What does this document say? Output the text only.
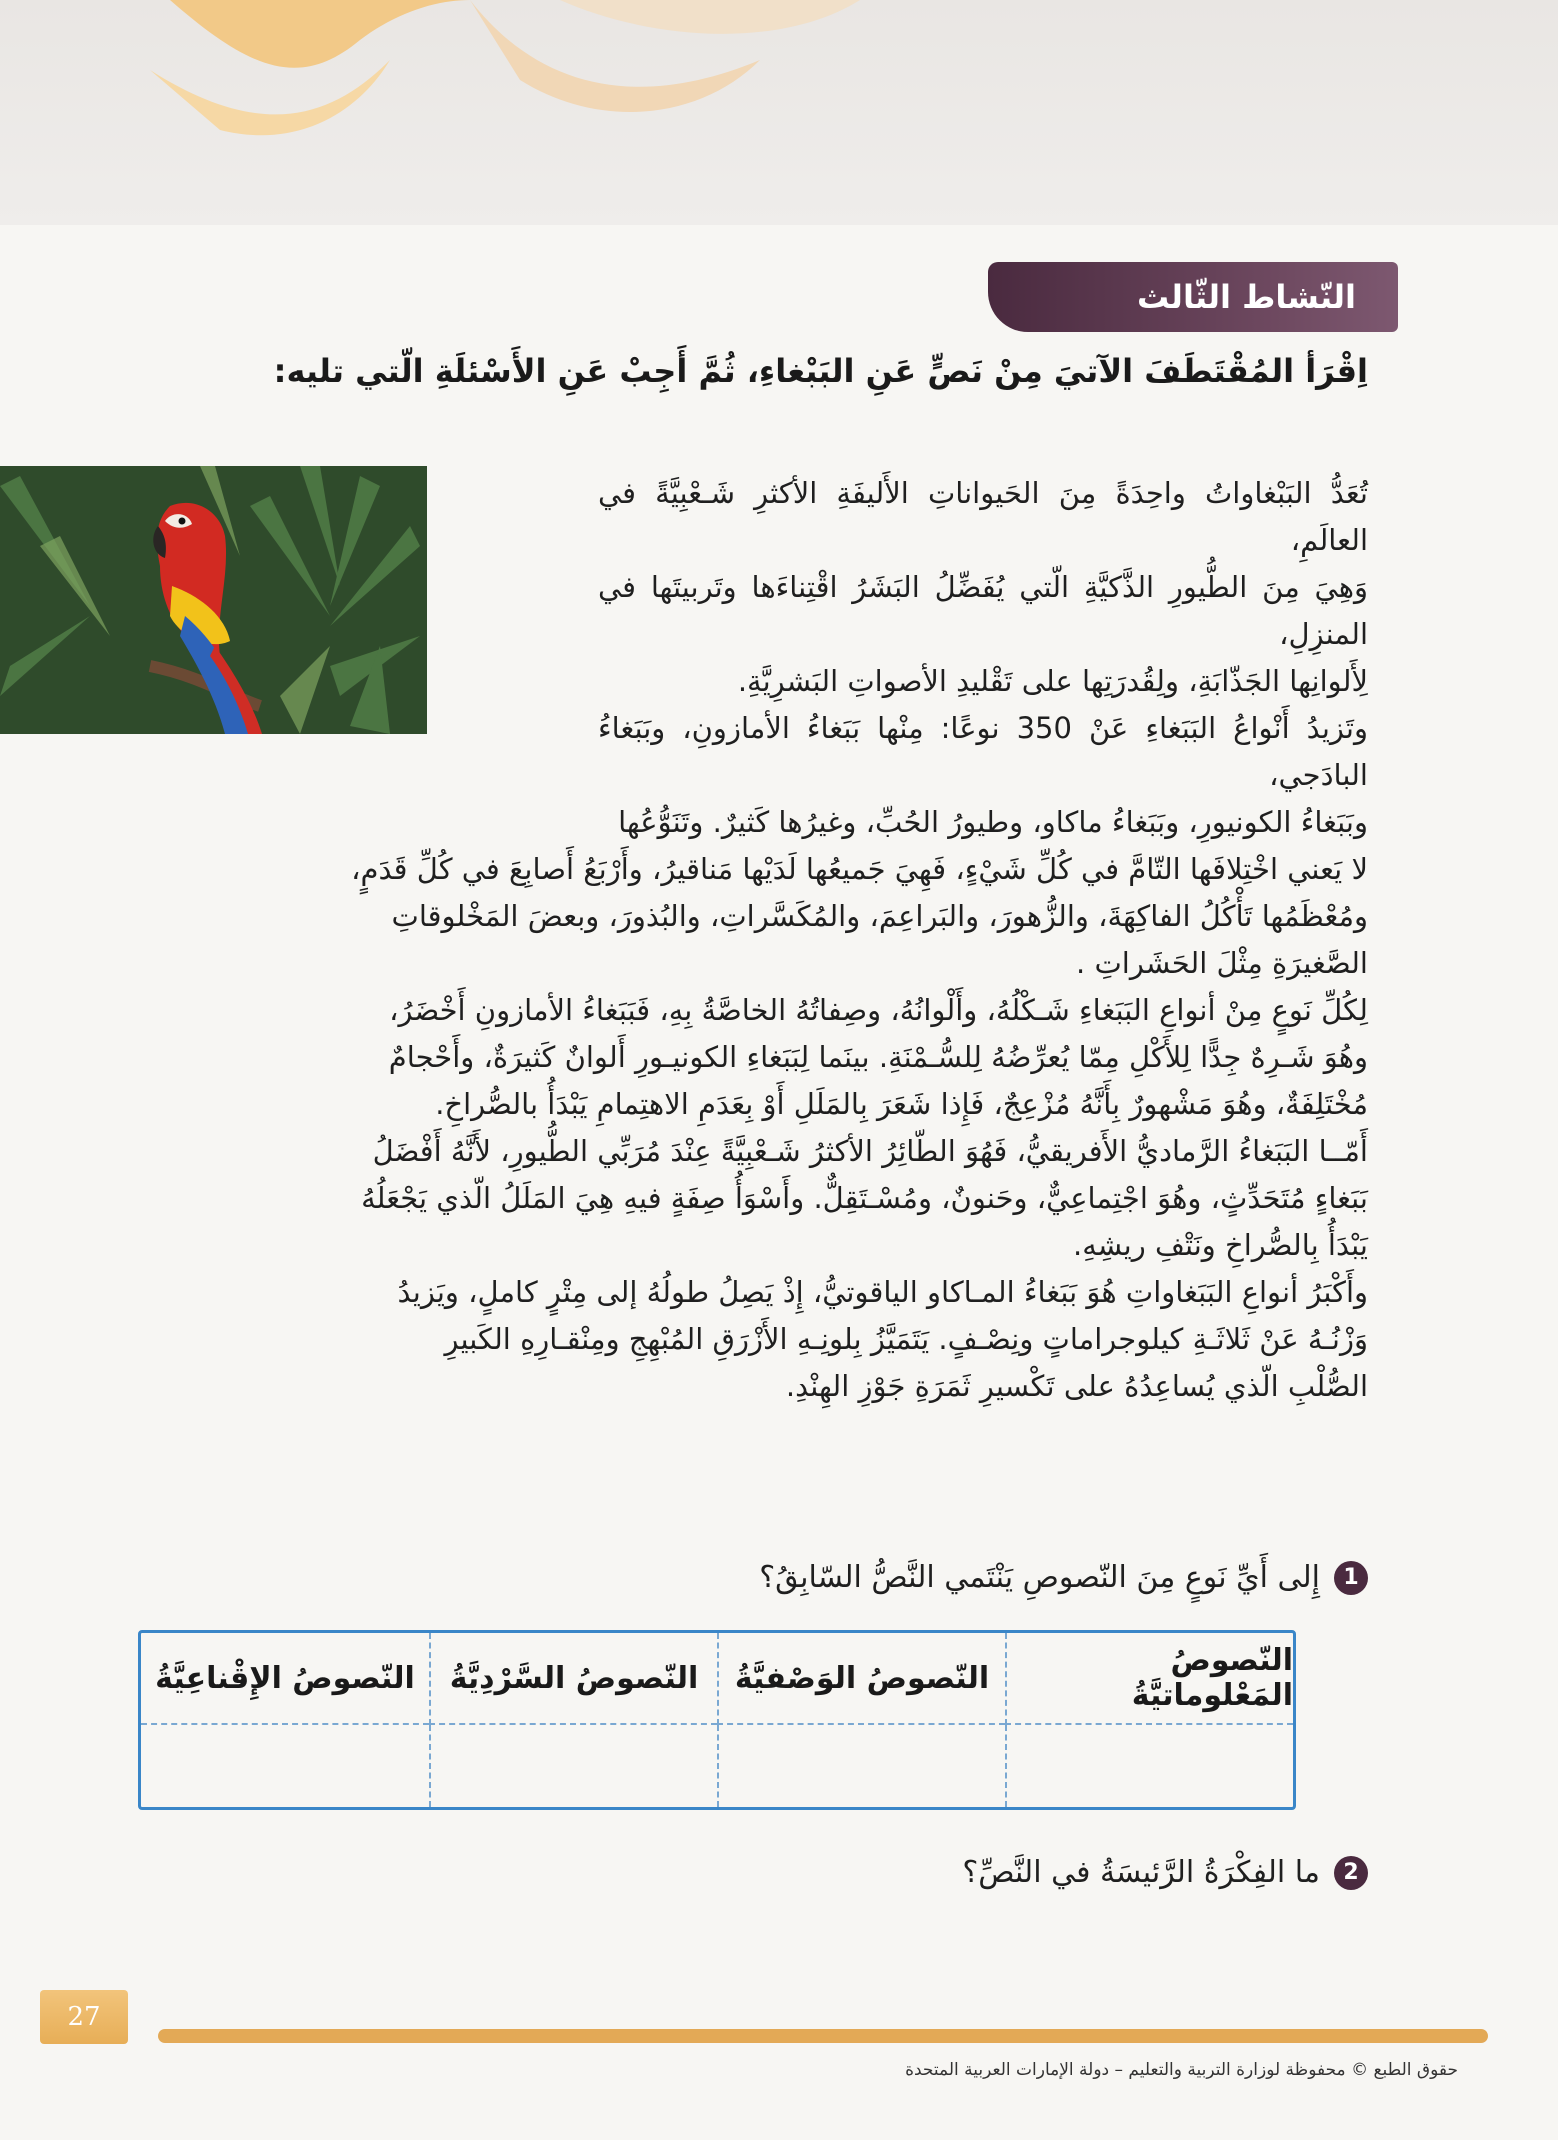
النّشاط الثّالث
اِقْرَأ المُقْتَطَفَ الآتيَ مِنْ نَصٍّ عَنِ البَبْغاءِ، ثُمَّ أَجِبْ عَنِ الأَسْئلَةِ الّتي تليه:

تُعَدُّ البَبْغاواتُ واحِدَةً مِنَ الحَيواناتِ الأَليفَةِ الأكثرِ شَـعْبِيَّةً في العالَمِ،

وَهِيَ مِنَ الطُّيورِ الذَّكيَّةِ الّتي يُفَضِّلُ البَشَرُ اقْتِناءَها وتَربيتَها في المنزِلِ،

لِأَلوانِها الجَذّابَةِ، ولِقُدرَتِها على تَقْليدِ الأصواتِ البَشرِيَّةِ.

وتَزيدُ أَنْواعُ البَبَغاءِ عَنْ 350 نوعًا: مِنْها بَبَغاءُ الأمازونِ، وبَبَغاءُ البادَجي،

وبَبَغاءُ الكونيورِ، وبَبَغاءُ ماكاو، وطيورُ الحُبِّ، وغيرُها كَثيرٌ. وتَنَوُّعُها

لا يَعني اخْتِلافَها التّامَّ في كُلِّ شَيْءٍ، فَهِيَ جَميعُها لَدَيْها مَناقيرُ، وأَرْبَعُ أَصابِعَ في كُلِّ قَدَمٍ،

ومُعْظَمُها تَأْكُلُ الفاكِهَةَ، والزُّهورَ، والبَراعِمَ، والمُكَسَّراتِ، والبُذورَ، وبعضَ المَخْلوقاتِ

الصَّغيرَةِ مِثْلَ الحَشَراتِ .

لِكُلِّ نَوعٍ مِنْ أنواعِ البَبَغاءِ شَـكْلُهُ، وأَلْوانُهُ، وصِفاتُهُ الخاصَّةُ بِهِ، فَبَبَغاءُ الأمازونِ أَخْضَرُ،

وهُوَ شَـرِهٌ جِدًّا لِلأَكْلِ مِمّا يُعرِّضُهُ لِلسُّـمْنَةِ. بينَما لِبَبَغاءِ الكونيـورِ أَلوانٌ كَثيرَةٌ، وأَحْجامٌ

مُخْتَلِفَةٌ، وهُوَ مَشْهورٌ بِأَنَّهُ مُزْعِجٌ، فَإِذا شَعَرَ بِالمَلَلِ أَوْ بِعَدَمِ الاهتِمامِ يَبْدَأُ بالصُّراخِ.

أَمّــا البَبَغاءُ الرَّماديُّ الأَفريقيُّ، فَهُوَ الطّائِرُ الأكثرُ شَـعْبِيَّةً عِنْدَ مُرَبِّي الطُّيورِ، لأَنَّهُ أَفْضَلُ

بَبَغاءٍ مُتَحَدِّثٍ، وهُوَ اجْتِماعِيٌّ، وحَنونٌ، ومُسْـتَقِلٌّ. وأَسْوَأُ صِفَةٍ فيهِ هِيَ المَلَلُ الّذي يَجْعَلُهُ

يَبْدَأُ بِالصُّراخِ ونَتْفِ ريشِهِ.

وأَكْبَرُ أنواعِ البَبَغاواتِ هُوَ بَبَغاءُ المـاكاو الياقوتيُّ، إِذْ يَصِلُ طولُهُ إلى مِتْرٍ كاملٍ، ويَزيدُ

وَزْنُـهُ عَنْ ثَلاثَـةِ كيلوجراماتٍ ونِصْـفٍ. يَتَمَيَّزُ بِلونِـهِ الأَزْرَقِ المُبْهِجِ ومِنْقـارِهِ الكَبيرِ

الصُّلْبِ الّذي يُساعِدُهُ على تَكْسيرِ ثَمَرَةِ جَوْزِ الهِنْدِ.

1
إِلى أَيِّ نَوعٍ مِنَ النّصوصِ يَنْتَمي النَّصُّ السّابِقُ؟
النّصوصُ المَعْلوماتيَّةُ
النّصوصُ الوَصْفيَّةُ
النّصوصُ السَّرْدِيَّةُ
النّصوصُ الإِقْناعِيَّةُ
2
ما الفِكْرَةُ الرَّئيسَةُ في النَّصِّ؟
27
حقوق الطبع © محفوظة لوزارة التربية والتعليم – دولة الإمارات العربية المتحدة
